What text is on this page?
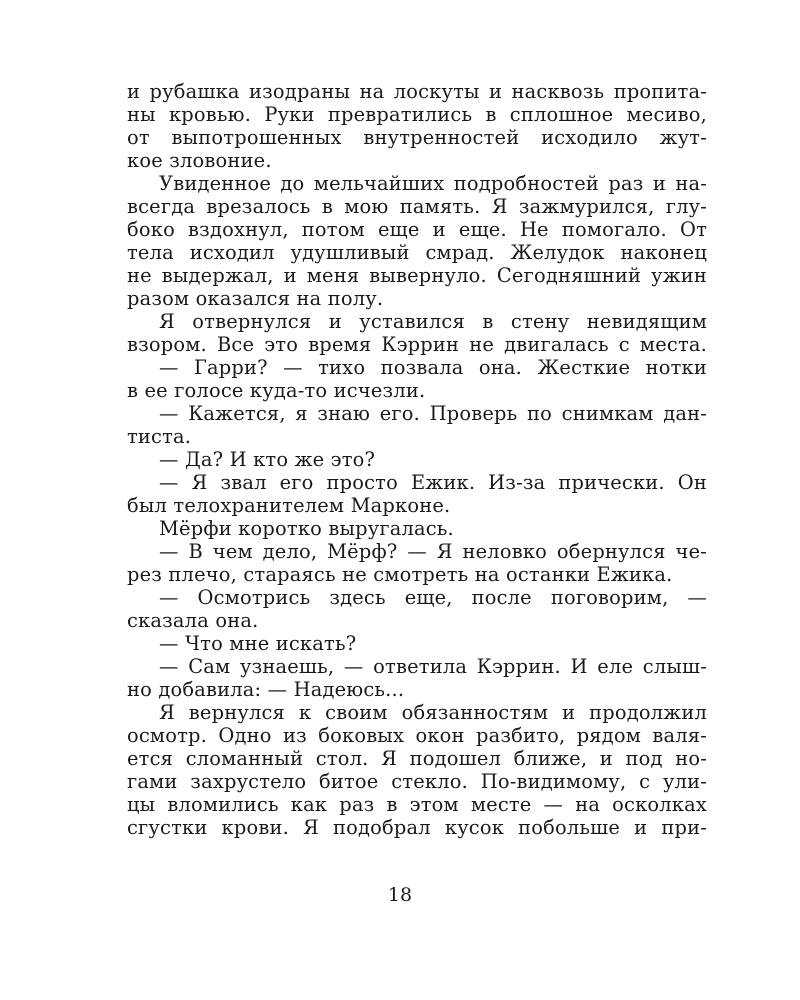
и рубашка изодраны на лоскуты и насквозь пропита-
ны кровью. Руки превратились в сплошное месиво,
от выпотрошенных внутренностей исходило жут-
кое зловоние.
Увиденное до мельчайших подробностей раз и на-
всегда врезалось в мою память. Я зажмурился, глу-
боко вздохнул, потом еще и еще. Не помогало. От
тела исходил удушливый смрад. Желудок наконец
не выдержал, и меня вывернуло. Сегодняшний ужин
разом оказался на полу.
Я отвернулся и уставился в стену невидящим
взором. Все это время Кэррин не двигалась с места.
— Гарри? — тихо позвала она. Жесткие нотки
в ее голосе куда-то исчезли.
— Кажется, я знаю его. Проверь по снимкам дан-
тиста.
— Да? И кто же это?
— Я звал его просто Ежик. Из-за прически. Он
был телохранителем Марконе.
Мёрфи коротко выругалась.
— В чем дело, Мёрф? — Я неловко обернулся че-
рез плечо, стараясь не смотреть на останки Ежика.
— Осмотрись здесь еще, после поговорим, —
сказала она.
— Что мне искать?
— Сам узнаешь, — ответила Кэррин. И еле слыш-
но добавила: — Надеюсь...
Я вернулся к своим обязанностям и продолжил
осмотр. Одно из боковых окон разбито, рядом валя-
ется сломанный стол. Я подошел ближе, и под но-
гами захрустело битое стекло. По-видимому, с ули-
цы вломились как раз в этом месте — на осколках
сгустки крови. Я подобрал кусок побольше и при-
18
